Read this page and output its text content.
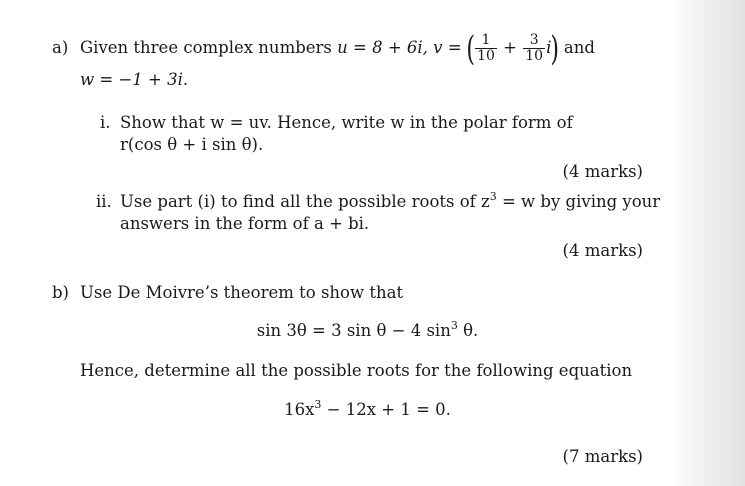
a) Given three complex numbers u = 8 + 6i, v = ( $\frac{1}{10} + \frac{3}{10} i$) and
w = −1 + 3i.
i. Show that w = uv. Hence, write w in the polar form of
r(cos θ + i sin θ).
(4 marks)
ii. Use part (i) to find all the possible roots of $z^3 = w$ by giving your
answers in the form of a + bi.
(4 marks)
b) Use De Moivre’s theorem to show that
sin 3θ = 3 sin θ − 4 $\sin^3 \theta$.
Hence, determine all the possible roots for the following equation
$16x^3 - 12x + 1 = 0$.
(7 marks)
